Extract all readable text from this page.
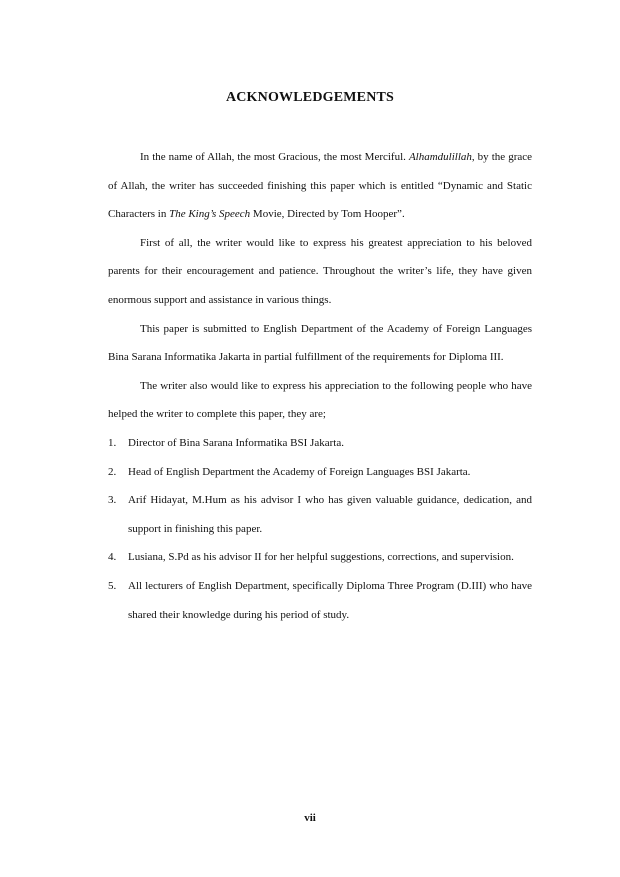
ACKNOWLEDGEMENTS

In the name of Allah, the most Gracious, the most Merciful. Alhamdulillah, by the grace of Allah, the writer has succeeded finishing this paper which is entitled “Dynamic and Static Characters in The King’s Speech Movie, Directed by Tom Hooper”.

First of all, the writer would like to express his greatest appreciation to his beloved parents for their encouragement and patience. Throughout the writer’s life, they have given enormous support and assistance in various things.

This paper is submitted to English Department of the Academy of Foreign Languages Bina Sarana Informatika Jakarta in partial fulfillment of the requirements for Diploma III.

The writer also would like to express his appreciation to the following people who have helped the writer to complete this paper, they are;

1. Director of Bina Sarana Informatika BSI Jakarta.
2. Head of English Department the Academy of Foreign Languages BSI Jakarta.
3. Arif Hidayat, M.Hum as his advisor I who has given valuable guidance, dedication, and support in finishing this paper.
4. Lusiana, S.Pd as his advisor II for her helpful suggestions, corrections, and supervision.
5. All lecturers of English Department, specifically Diploma Three Program (D.III) who have shared their knowledge during his period of study.
vii
